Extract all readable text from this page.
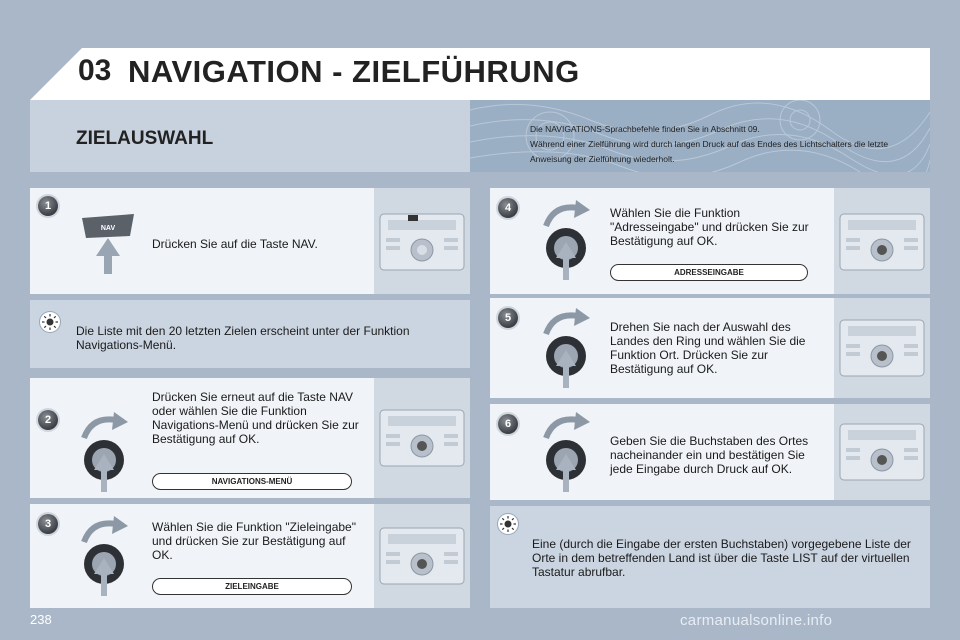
03 NAVIGATION - ZIELFÜHRUNG
ZIELAUSWAHL	Die NAVIGATIONS-Sprachbefehle finden Sie in Abschnitt 09.
Während einer Zielführung wird durch langen Druck auf das Endes des Lichtschalters die letzte Anweisung der Zielführung wiederholt.
1
NAV
Drücken Sie auf die Taste NAV.
Die Liste mit den 20 letzten Zielen erscheint unter der Funktion Navigations-Menü.
2
Drücken Sie erneut auf die Taste NAV oder wählen Sie die Funktion Navigations-Menü und drücken Sie zur Bestätigung auf OK.
NAVIGATIONS-MENÜ
3	Wählen Sie die Funktion "Zieleingabe" und drücken Sie zur Bestätigung auf OK.
ZIELEINGABE
4	Wählen Sie die Funktion "Adresseingabe" und drücken Sie zur Bestätigung auf OK.
ADRESSEINGABE
5
Drehen Sie nach der Auswahl des Landes den Ring und wählen Sie die Funktion Ort. Drücken Sie zur Bestätigung auf OK.
6
Geben Sie die Buchstaben des Ortes nacheinander ein und bestätigen Sie jede Eingabe durch Druck auf OK.
Eine (durch die Eingabe der ersten Buchstaben) vorgegebene Liste der Orte in dem betreffenden Land ist über die Taste LIST auf der virtuellen Tastatur abrufbar.
238	carmanualsonline.info
